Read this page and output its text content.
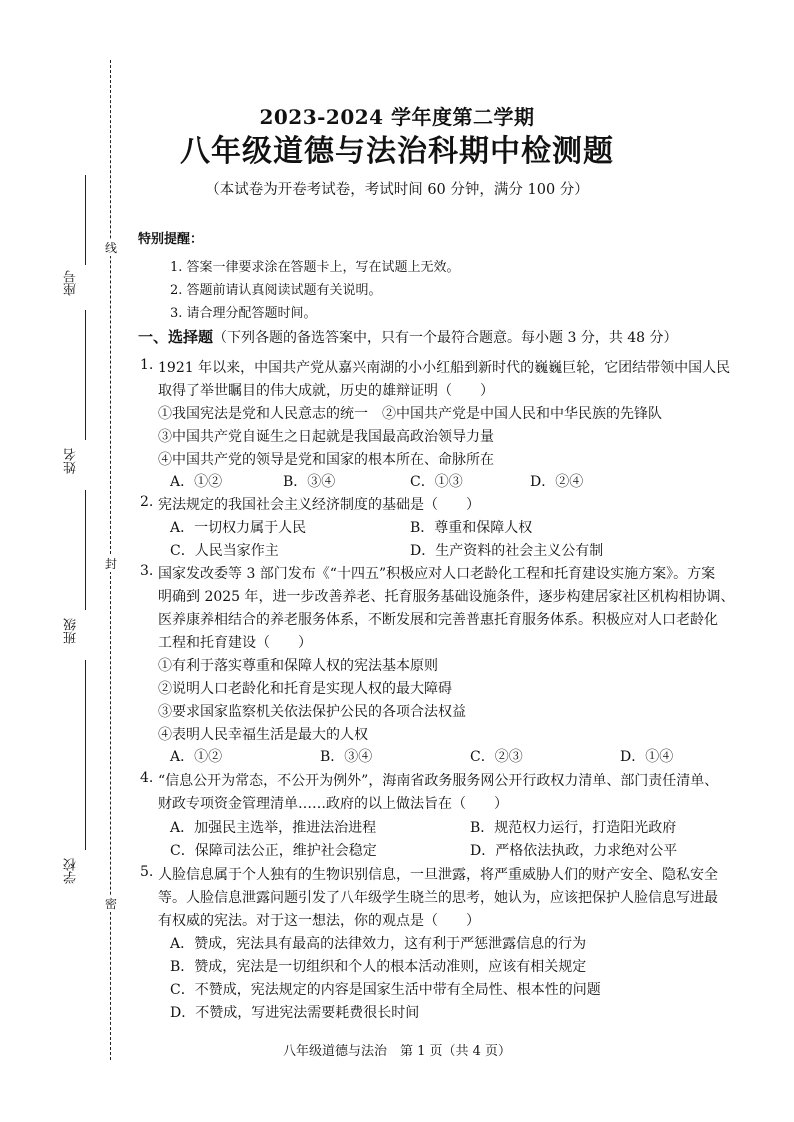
线
封
密
座号
姓名
班级
学校
2023-2024 学年度第二学期
八年级道德与法治科期中检测题
（本试卷为开卷考试卷，考试时间 60 分钟，满分 100 分）
特别提醒：
1. 答案一律要求涂在答题卡上，写在试题上无效。
2. 答题前请认真阅读试题有关说明。
3. 请合理分配答题时间。
一、选择题（下列各题的备选答案中，只有一个最符合题意。每小题 3 分，共 48 分）
1. 1921 年以来，中国共产党从嘉兴南湖的小小红船到新时代的巍巍巨轮，它团结带领中国人民
取得了举世瞩目的伟大成就，历史的雄辩证明（　　）
①我国宪法是党和人民意志的统一　②中国共产党是中国人民和中华民族的先锋队
③中国共产党自诞生之日起就是我国最高政治领导力量
④中国共产党的领导是党和国家的根本所在、命脉所在
A．①②	B．③④	C．①③	D．②④
2. 宪法规定的我国社会主义经济制度的基础是（　　）
A．一切权力属于人民	B．尊重和保障人权
C．人民当家作主	D．生产资料的社会主义公有制
3. 国家发改委等 3 部门发布《“十四五”积极应对人口老龄化工程和托育建设实施方案》。方案
明确到 2025 年，进一步改善养老、托育服务基础设施条件，逐步构建居家社区机构相协调、
医养康养相结合的养老服务体系，不断发展和完善普惠托育服务体系。积极应对人口老龄化
工程和托育建设（　　）
①有利于落实尊重和保障人权的宪法基本原则
②说明人口老龄化和托育是实现人权的最大障碍
③要求国家监察机关依法保护公民的各项合法权益
④表明人民幸福生活是最大的人权
A．①②	B．③④	C．②③	D．①④
4. “信息公开为常态，不公开为例外”，海南省政务服务网公开行政权力清单、部门责任清单、
财政专项资金管理清单……政府的以上做法旨在（　　）
A．加强民主选举，推进法治进程	B．规范权力运行，打造阳光政府
C．保障司法公正，维护社会稳定	D．严格依法执政，力求绝对公平
5. 人脸信息属于个人独有的生物识别信息，一旦泄露，将严重威胁人们的财产安全、隐私安全
等。人脸信息泄露问题引发了八年级学生晓兰的思考，她认为，应该把保护人脸信息写进最
有权威的宪法。对于这一想法，你的观点是（　　）
A．赞成，宪法具有最高的法律效力，这有利于严惩泄露信息的行为
B．赞成，宪法是一切组织和个人的根本活动准则，应该有相关规定
C．不赞成，宪法规定的内容是国家生活中带有全局性、根本性的问题
D．不赞成，写进宪法需要耗费很长时间
八年级道德与法治　第 1 页（共 4 页）
